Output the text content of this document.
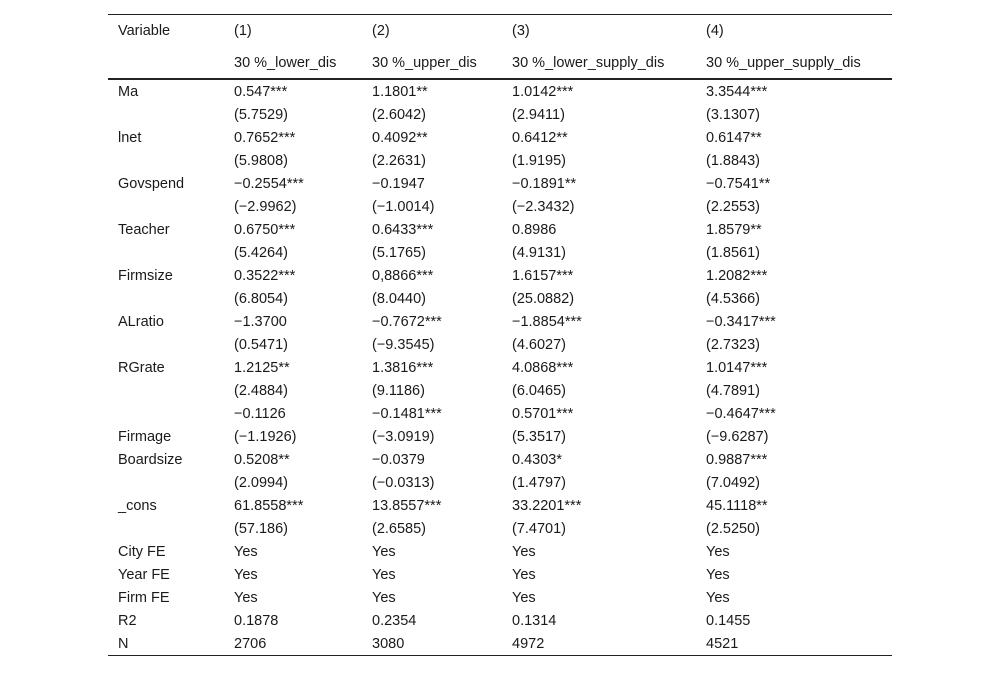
Variable	(1)	(2)	(3)	(4)
	30 %_lower_dis	30 %_upper_dis	30 %_lower_supply_dis	30 %_upper_supply_dis
Ma	0.547***	1.1801**	1.0142***	3.3544***
	(5.7529)	(2.6042)	(2.9411)	(3.1307)
lnet	0.7652***	0.4092**	0.6412**	0.6147**
	(5.9808)	(2.2631)	(1.9195)	(1.8843)
Govspend	−0.2554***	−0.1947	−0.1891**	−0.7541**
	(−2.9962)	(−1.0014)	(−2.3432)	(2.2553)
Teacher	0.6750***	0.6433***	0.8986	1.8579**
	(5.4264)	(5.1765)	(4.9131)	(1.8561)
Firmsize	0.3522***	0,8866***	1.6157***	1.2082***
	(6.8054)	(8.0440)	(25.0882)	(4.5366)
ALratio	−1.3700	−0.7672***	−1.8854***	−0.3417***
	(0.5471)	(−9.3545)	(4.6027)	(2.7323)
RGrate	1.2125**	1.3816***	4.0868***	1.0147***
	(2.4884)	(9.1186)	(6.0465)	(4.7891)
	−0.1126	−0.1481***	0.5701***	−0.4647***
Firmage	(−1.1926)	(−3.0919)	(5.3517)	(−9.6287)
Boardsize	0.5208**	−0.0379	0.4303*	0.9887***
	(2.0994)	(−0.0313)	(1.4797)	(7.0492)
_cons	61.8558***	13.8557***	33.2201***	45.1118**
	(57.186)	(2.6585)	(7.4701)	(2.5250)
City FE	Yes	Yes	Yes	Yes
Year FE	Yes	Yes	Yes	Yes
Firm FE	Yes	Yes	Yes	Yes
R2	0.1878	0.2354	0.1314	0.1455
N	2706	3080	4972	4521
